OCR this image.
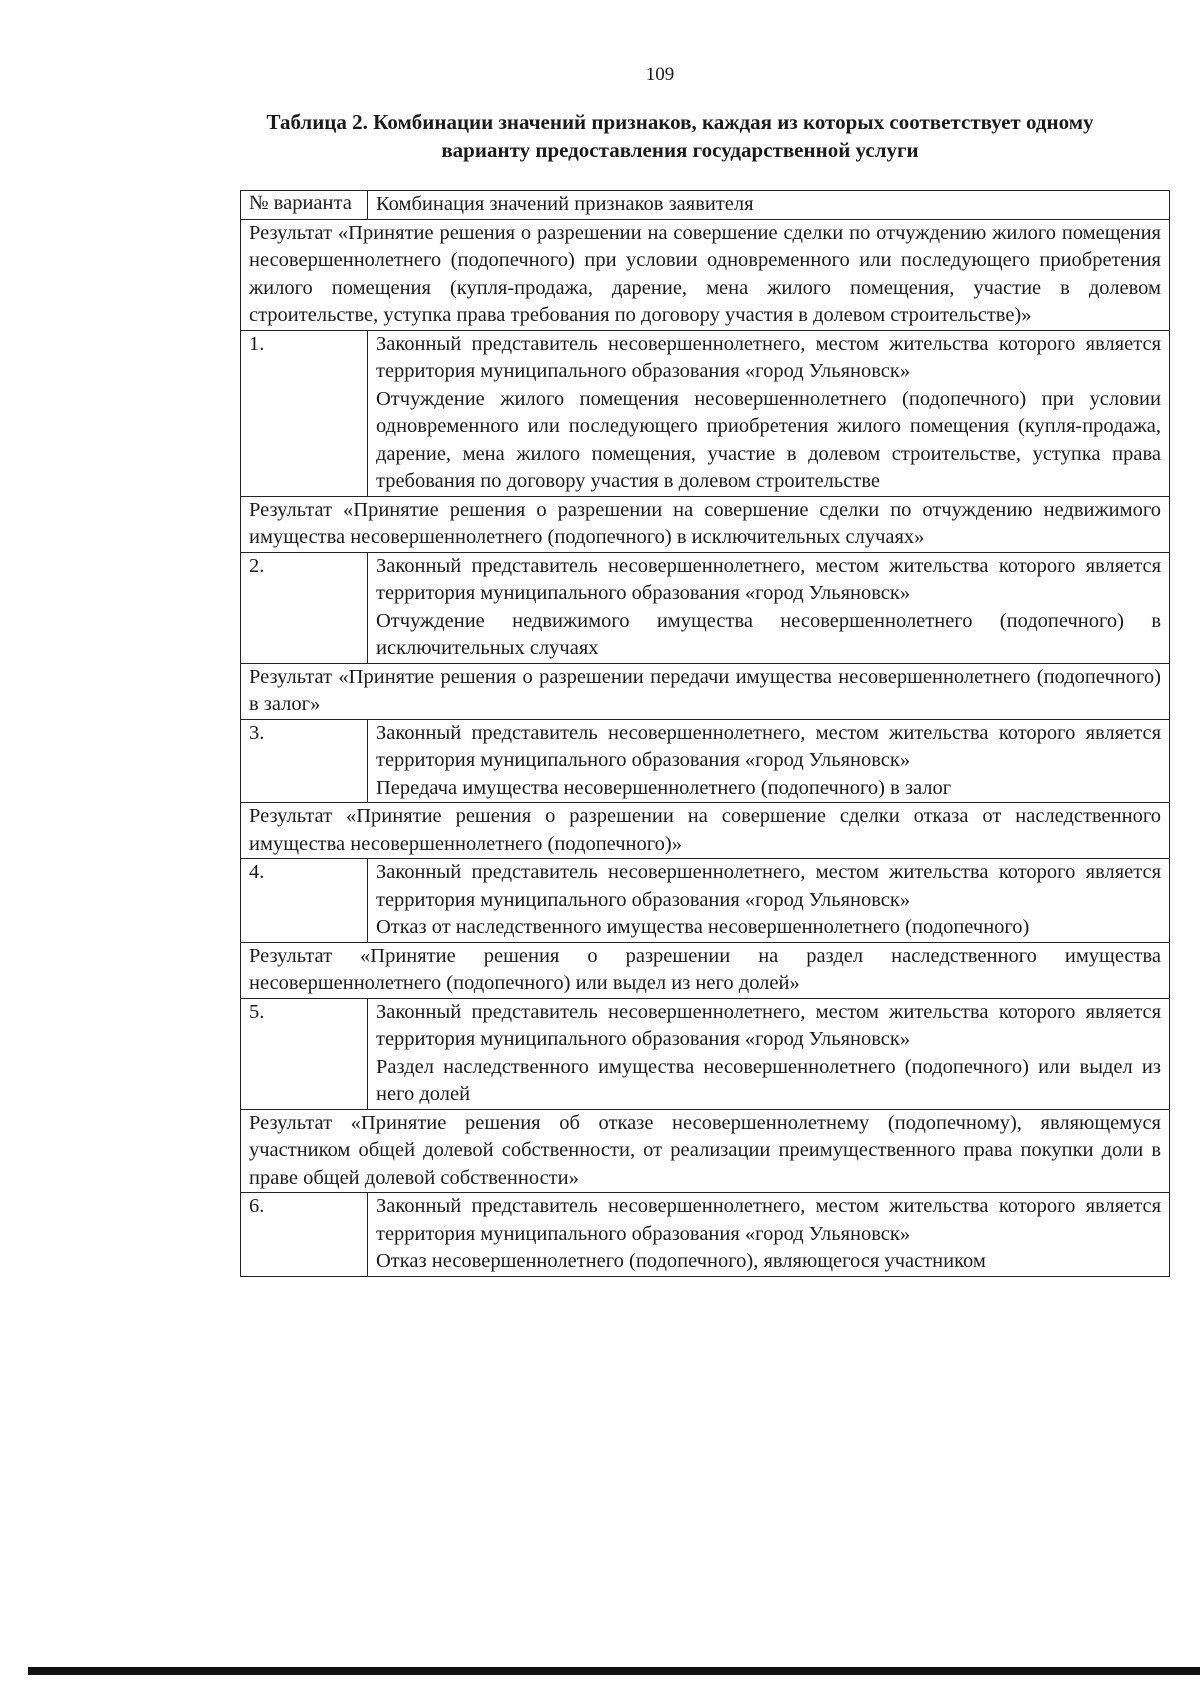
109
Таблица 2. Комбинации значений признаков, каждая из которых соответствует одному
варианту предоставления государственной услуги
№ варианта	Комбинация значений признаков заявителя
Результат «Принятие решения о разрешении на совершение сделки по отчуждению жилого помещения несовершеннолетнего (подопечного) при условии одновременного или последующего приобретения жилого помещения (купля-продажа, дарение, мена жилого помещения, участие в долевом строительстве, уступка права требования по договору участия в долевом строительстве)»	
1.	Законный представитель несовершеннолетнего, местом жительства которого является территория муниципального образования «город Ульяновск»

Отчуждение жилого помещения несовершеннолетнего (подопечного) при условии одновременного или последующего приобретения жилого помещения (купля-продажа, дарение, мена жилого помещения, участие в долевом строительстве, уступка права требования по договору участия в долевом строительстве

Результат «Принятие решения о разрешении на совершение сделки по отчуждению недвижимого имущества несовершеннолетнего (подопечного) в исключительных случаях»	
2.	Законный представитель несовершеннолетнего, местом жительства которого является территория муниципального образования «город Ульяновск»

Отчуждение недвижимого имущества несовершеннолетнего (подопечного) в исключительных случаях

Результат «Принятие решения о разрешении передачи имущества несовершеннолетнего (подопечного) в залог»	
3.	Законный представитель несовершеннолетнего, местом жительства которого является территория муниципального образования «город Ульяновск»

Передача имущества несовершеннолетнего (подопечного) в залог

Результат «Принятие решения о разрешении на совершение сделки отказа от наследственного имущества несовершеннолетнего (подопечного)»	
4.	Законный представитель несовершеннолетнего, местом жительства которого является территория муниципального образования «город Ульяновск»

Отказ от наследственного имущества несовершеннолетнего (подопечного)

Результат «Принятие решения о разрешении на раздел наследственного имущества несовершеннолетнего (подопечного) или выдел из него долей»	
5.	Законный представитель несовершеннолетнего, местом жительства которого является территория муниципального образования «город Ульяновск»

Раздел наследственного имущества несовершеннолетнего (подопечного) или выдел из него долей

Результат «Принятие решения об отказе несовершеннолетнему (подопечному), являющемуся участником общей долевой собственности, от реализации преимущественного права покупки доли в праве общей долевой собственности»	
6.	Законный представитель несовершеннолетнего, местом жительства которого является территория муниципального образования «город Ульяновск»

Отказ несовершеннолетнего (подопечного), являющегося участником
